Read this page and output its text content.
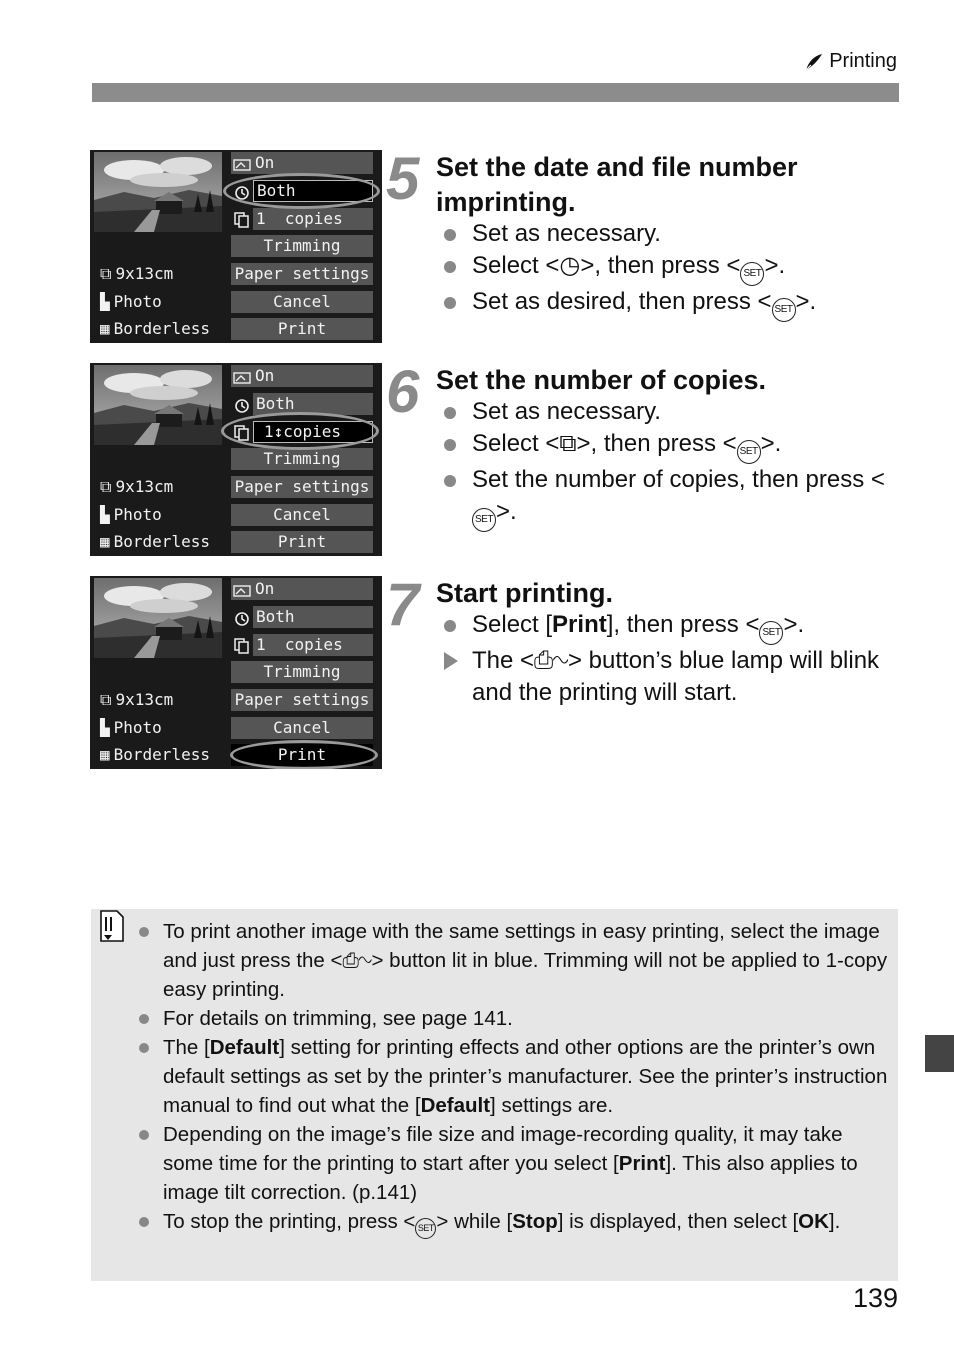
Printing
On
Both
1  copies
Trimming
Paper settings
Cancel
Print
⧉ 9x13cm
▙ Photo
▦ Borderless
5 Set the date and file number imprinting.
Set as necessary.
Select <◷>, then press < SET >.
Set as desired, then press < SET >.
On
Both
1↕copies
Trimming
Paper settings
Cancel
Print
⧉ 9x13cm
▙ Photo
▦ Borderless
6 Set the number of copies.
Set as necessary.
Select <⧉>, then press < SET >.
Set the number of copies, then press <SET >.
On
Both
1  copies
Trimming
Paper settings
Cancel
Print
⧉ 9x13cm
▙ Photo
▦ Borderless
7 Start printing.
Select [Print], then press < SET >.
The <⎙∿> button’s blue lamp will blink and the printing will start.
To print another image with the same settings in easy printing, select the image and just press the <⎙∿> button lit in blue. Trimming will not be applied to 1-copy easy printing.
For details on trimming, see page 141.
The [Default] setting for printing effects and other options are the printer’s own default settings as set by the printer’s manufacturer. See the printer’s instruction manual to find out what the [Default] settings are.
Depending on the image’s file size and image-recording quality, it may take some time for the printing to start after you select [Print]. This also applies to image tilt correction. (p.141)
To stop the printing, press < SET > while [Stop] is displayed, then select [OK].
139
